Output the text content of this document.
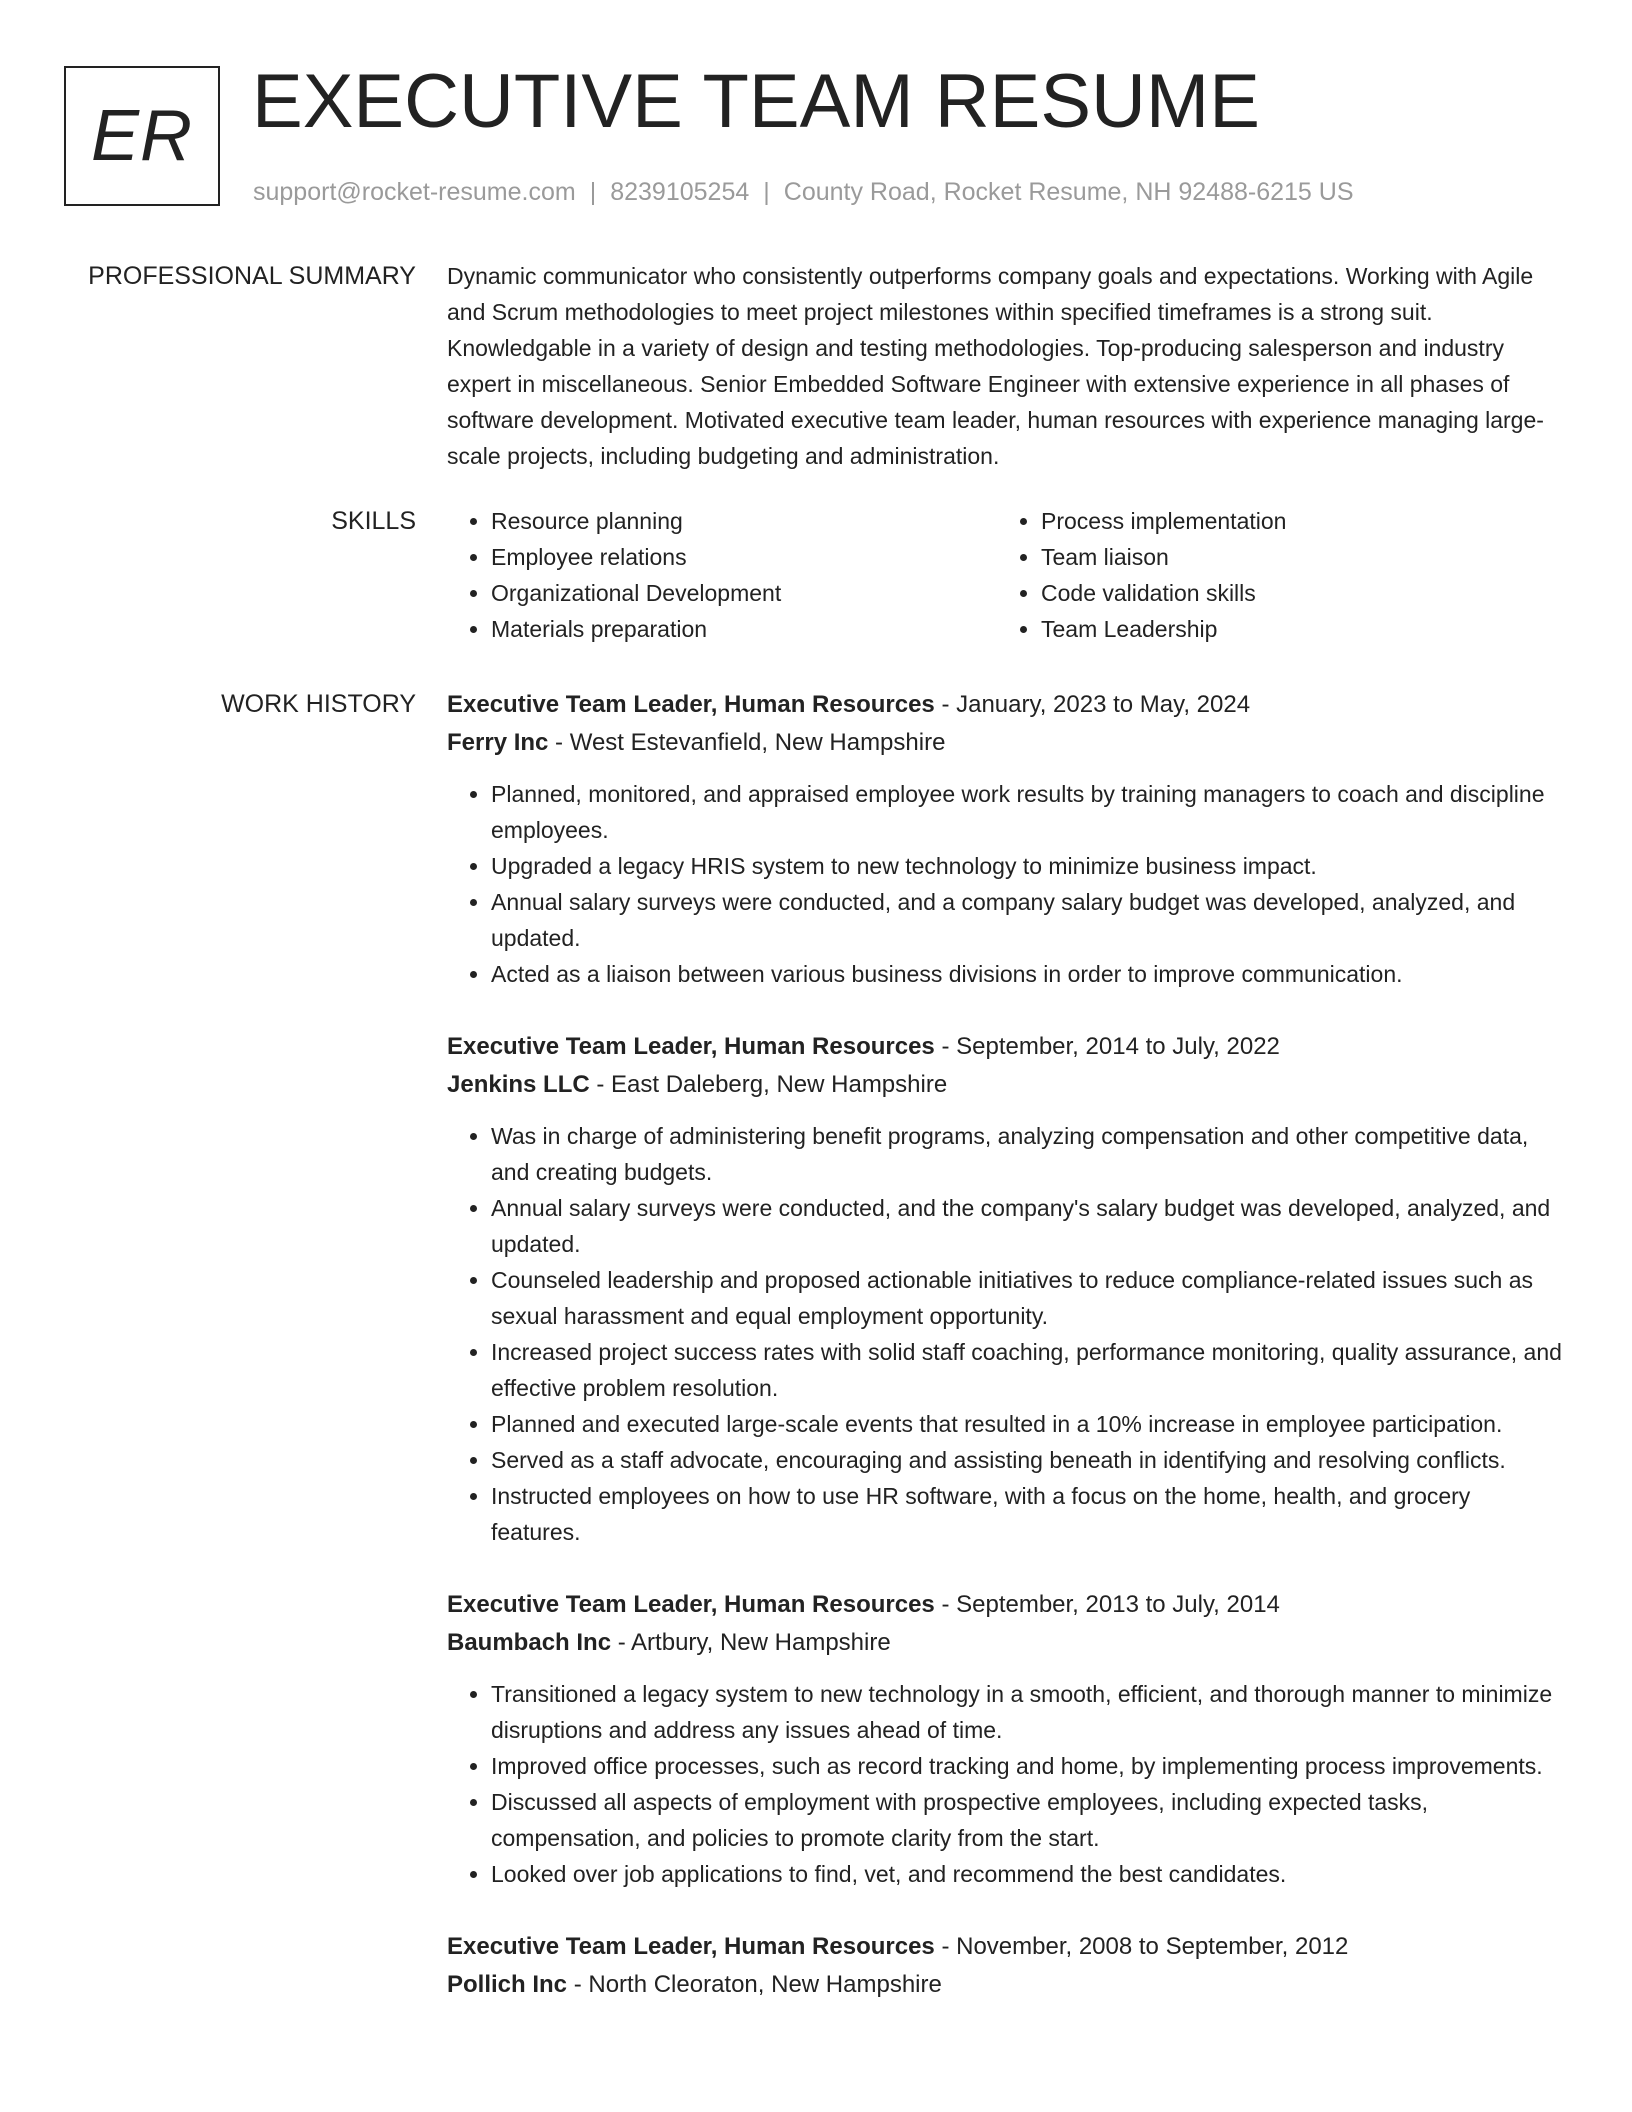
ER EXECUTIVE TEAM RESUME
support@rocket-resume.com | 8239105254 | County Road, Rocket Resume, NH 92488-6215 US
PROFESSIONAL SUMMARY Dynamic communicator who consistently outperforms company goals and expectations. Working with Agile and Scrum methodologies to meet project milestones within specified timeframes is a strong suit. Knowledgable in a variety of design and testing methodologies. Top-producing salesperson and industry expert in miscellaneous. Senior Embedded Software Engineer with extensive experience in all phases of software development. Motivated executive team leader, human resources with experience managing large-scale projects, including budgeting and administration.

SKILLS
•	Resource planning
• Employee relations
• Organizational Development
• Materials preparation
• Process implementation
• Team liaison
• Code validation skills
• Team Leadership
WORK HISTORY Executive Team Leader, Human Resources - January, 2023 to May, 2024
Ferry Inc - West Estevanfield, New Hampshire
• Planned, monitored, and appraised employee work results by training managers to coach and discipline employees.
• Upgraded a legacy HRIS system to new technology to minimize business impact.
• Annual salary surveys were conducted, and a company salary budget was developed, analyzed, and updated.
• Acted as a liaison between various business divisions in order to improve communication.
Executive Team Leader, Human Resources - September, 2014 to July, 2022
Jenkins LLC - East Daleberg, New Hampshire
• Was in charge of administering benefit programs, analyzing compensation and other competitive data, and creating budgets.
• Annual salary surveys were conducted, and the company's salary budget was developed, analyzed, and updated.
• Counseled leadership and proposed actionable initiatives to reduce compliance-related issues such as sexual harassment and equal employment opportunity.
• Increased project success rates with solid staff coaching, performance monitoring, quality assurance, and effective problem resolution.
• Planned and executed large-scale events that resulted in a 10% increase in employee participation.
• Served as a staff advocate, encouraging and assisting beneath in identifying and resolving conflicts.
• Instructed employees on how to use HR software, with a focus on the home, health, and grocery features.
Executive Team Leader, Human Resources - September, 2013 to July, 2014
Baumbach Inc - Artbury, New Hampshire
• Transitioned a legacy system to new technology in a smooth, efficient, and thorough manner to minimize disruptions and address any issues ahead of time.
• Improved office processes, such as record tracking and home, by implementing process improvements.
• Discussed all aspects of employment with prospective employees, including expected tasks, compensation, and policies to promote clarity from the start.
• Looked over job applications to find, vet, and recommend the best candidates.
Executive Team Leader, Human Resources - November, 2008 to September, 2012
Pollich Inc - North Cleoraton, New Hampshire
